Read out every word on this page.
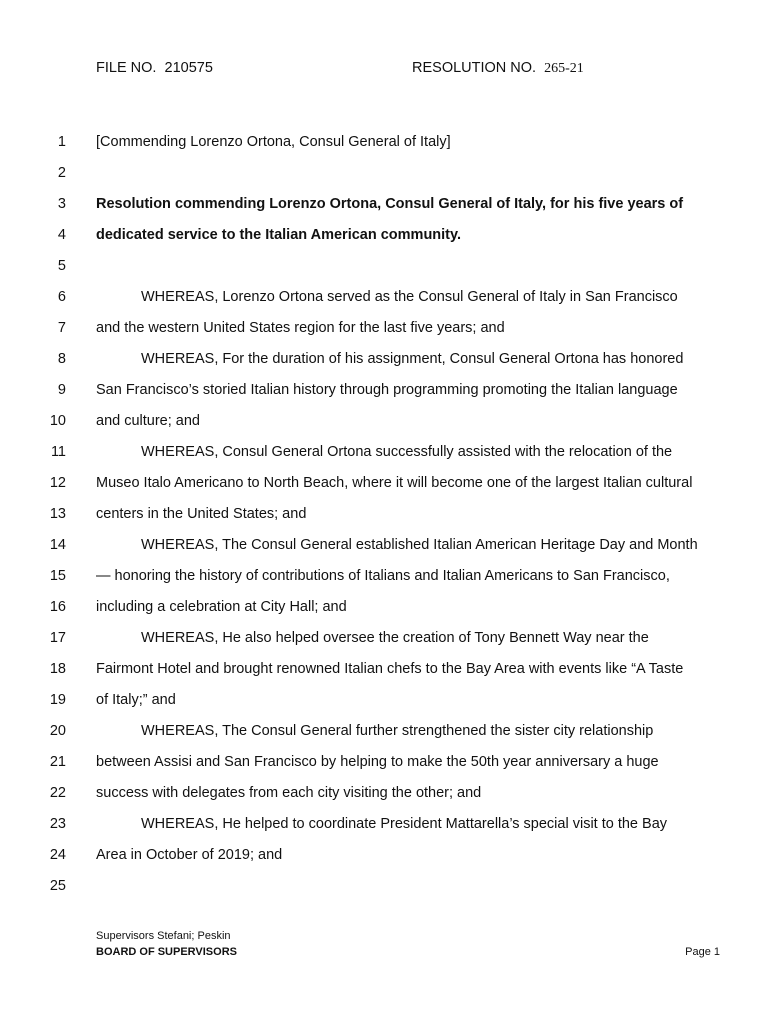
FILE NO. 210575	RESOLUTION NO. 265-21
1 [Commending Lorenzo Ortona, Consul General of Italy]
2
3 Resolution commending Lorenzo Ortona, Consul General of Italy, for his five years of
4 dedicated service to the Italian American community.
5
6	WHEREAS, Lorenzo Ortona served as the Consul General of Italy in San Francisco
7 and the western United States region for the last five years; and
8	WHEREAS, For the duration of his assignment, Consul General Ortona has honored
9 San Francisco’s storied Italian history through programming promoting the Italian language
10 and culture; and
11	WHEREAS, Consul General Ortona successfully assisted with the relocation of the
12 Museo Italo Americano to North Beach, where it will become one of the largest Italian cultural
13 centers in the United States; and
14	WHEREAS, The Consul General established Italian American Heritage Day and Month
15 — honoring the history of contributions of Italians and Italian Americans to San Francisco,
16 including a celebration at City Hall; and
17	WHEREAS, He also helped oversee the creation of Tony Bennett Way near the
18 Fairmont Hotel and brought renowned Italian chefs to the Bay Area with events like “A Taste
19 of Italy;” and
20	WHEREAS, The Consul General further strengthened the sister city relationship
21 between Assisi and San Francisco by helping to make the 50th year anniversary a huge
22 success with delegates from each city visiting the other; and
23	WHEREAS, He helped to coordinate President Mattarella’s special visit to the Bay
24 Area in October of 2019; and
25
Supervisors Stefani; Peskin
BOARD OF SUPERVISORS	Page 1
